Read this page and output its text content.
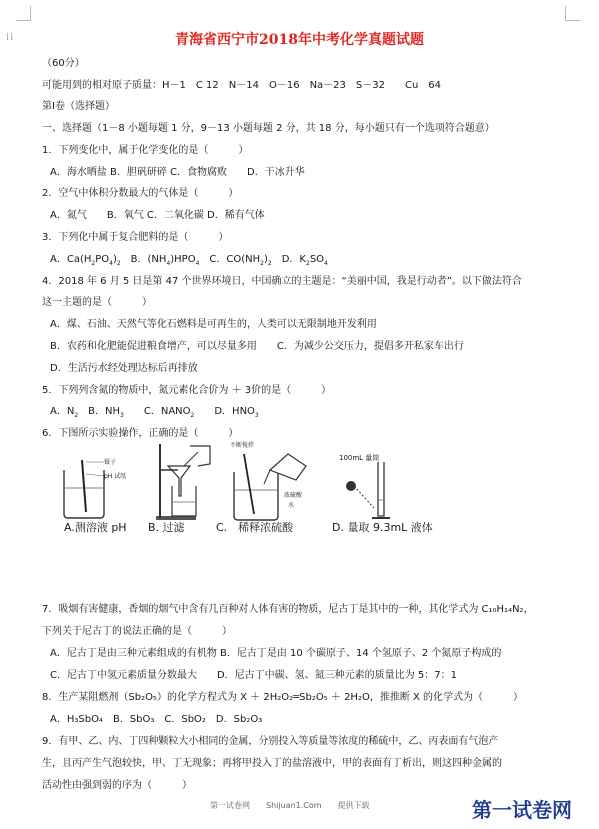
⁞⁞	青海省西宁市2018年中考化学真题试题
（60分）
可能用到的相对原子质量：H－1　C 12　N－14　O－16　Na－23　S－32　　Cu　64
第Ⅰ卷（选择题）
一、选择题（1－8 小题每题 1 分，9－13 小题每题 2 分，共 18 分，每小题只有一个选项符合题意）
1．下列变化中，属于化学变化的是（　　　）
A．海水晒盐 B．胆矾研碎 C．食物腐败　　D．干冰升华
2．空气中体积分数最大的气体是（　　　）
A．氮气　　B．氧气 C．二氧化碳 D．稀有气体
3．下列化中属于复合肥料的是（　　　）
A．$Ca(H_2PO_4)_2$　B．$(NH_4)HPO_4$　C．$CO(NH_2)_2$　D．$K_2SO_4$
4．2018 年 6 月 5 日是第 47 个世界环境日，中国确立的主题是：“美丽中国，我是行动者”。以下做法符合
这一主题的是（　　　）
A．煤、石油、天然气等化石燃料是可再生的，人类可以无限制地开发利用
B．农药和化肥能促进粮食增产，可以尽量多用　　C．为减少公交压力，提倡多开私家车出行
D．生活污水经处理达标后再排放
5．下列列含氮的物质中，氮元素化合价为 ＋ 3价的是（　　　）
A．$N_2$　B．$NH_3$　　C．$NANO_2$　　D．$HNO_3$
6．下图所示实验操作，正确的是（　　　）
镊子
pH 试纸
不断搅拌
浓硫酸
水
100mL 量筒
A.测溶液 pH B. 过滤	C.　稀释浓硫酸	D. 量取 9.3mL 液体
7．吸烟有害健康，香烟的烟气中含有几百种对人体有害的物质，尼古丁是其中的一种，其化学式为 C₁₀H₁₄N₂，
下列关于尼古丁的说法正确的是（　　　）
A．尼古丁是由三种元素组成的有机物 B．尼古丁是由 10 个碳原子、14 个氢原子、2 个氮原子构成的
C．尼古丁中氢元素质量分数最大　　D．尼古丁中碳、氢、氮三种元素的质量比为 5：7：1
8．生产某阻燃剂（Sb₂O₅）的化学方程式为 X ＋ 2H₂O₂═Sb₂O₅ ＋ 2H₂O，推推断 X 的化学式为（　　　）
A．H₃SbO₄　B．SbO₃　C．SbO₂　D．Sb₂O₃
9．有甲、乙、内、丁四种颗粒大小相同的金属，分别投入等质量等浓度的稀硫中，乙、丙表面有气泡产
生，且丙产生气泡较快，甲、丁无现象；再将甲投入丁的盐溶液中，甲的表面有丁析出，则这四种金属的
活动性由强到弱的序为（　　　）
第一试卷网　　Shijuan1.Com　　提供下载	第一试卷网
